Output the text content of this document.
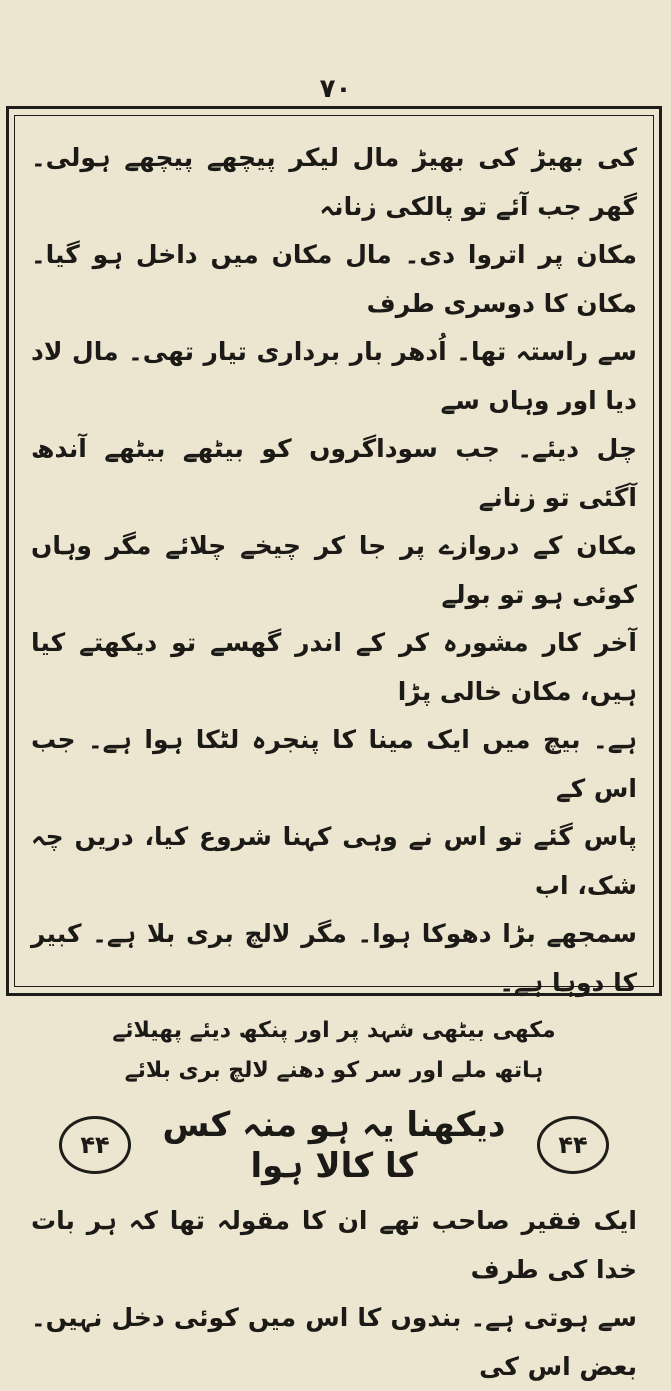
۷۰

کی بھیڑ کی بھیڑ مال لیکر پیچھے پیچھے ہولی۔ گھر جب آئے تو پالکی زنانہ

مکان پر اتروا دی۔ مال مکان میں داخل ہو گیا۔ مکان کا دوسری طرف

سے راستہ تھا۔ اُدھر بار برداری تیار تھی۔ مال لاد دیا اور وہاں سے

چل دیئے۔ جب سوداگروں کو بیٹھے بیٹھے آندھ آگئی تو زنانے

مکان کے دروازے پر جا کر چیخے چلائے مگر وہاں کوئی ہو تو بولے

آخر کار مشورہ کر کے اندر گھسے تو دیکھتے کیا ہیں، مکان خالی پڑا

ہے۔ بیچ میں ایک مینا کا پنجرہ لٹکا ہوا ہے۔ جب اس کے

پاس گئے تو اس نے وہی کہنا شروع کیا، دریں چہ شک، اب

سمجھے بڑا دھوکا ہوا۔ مگر لالچ بری بلا ہے۔ کبیر کا دوہا ہے۔

مکھی بیٹھی شہد پر اور پنکھ دیئے پھیلائے

ہاتھ ملے اور سر کو دھنے لالچ بری بلائے

۴۴	دیکھنا یہ ہو منہ کس کا کالا ہوا
۴۴

ایک فقیر صاحب تھے ان کا مقولہ تھا کہ ہر بات خدا کی طرف

سے ہوتی ہے۔ بندوں کا اس میں کوئی دخل نہیں۔ بعض اس کی
